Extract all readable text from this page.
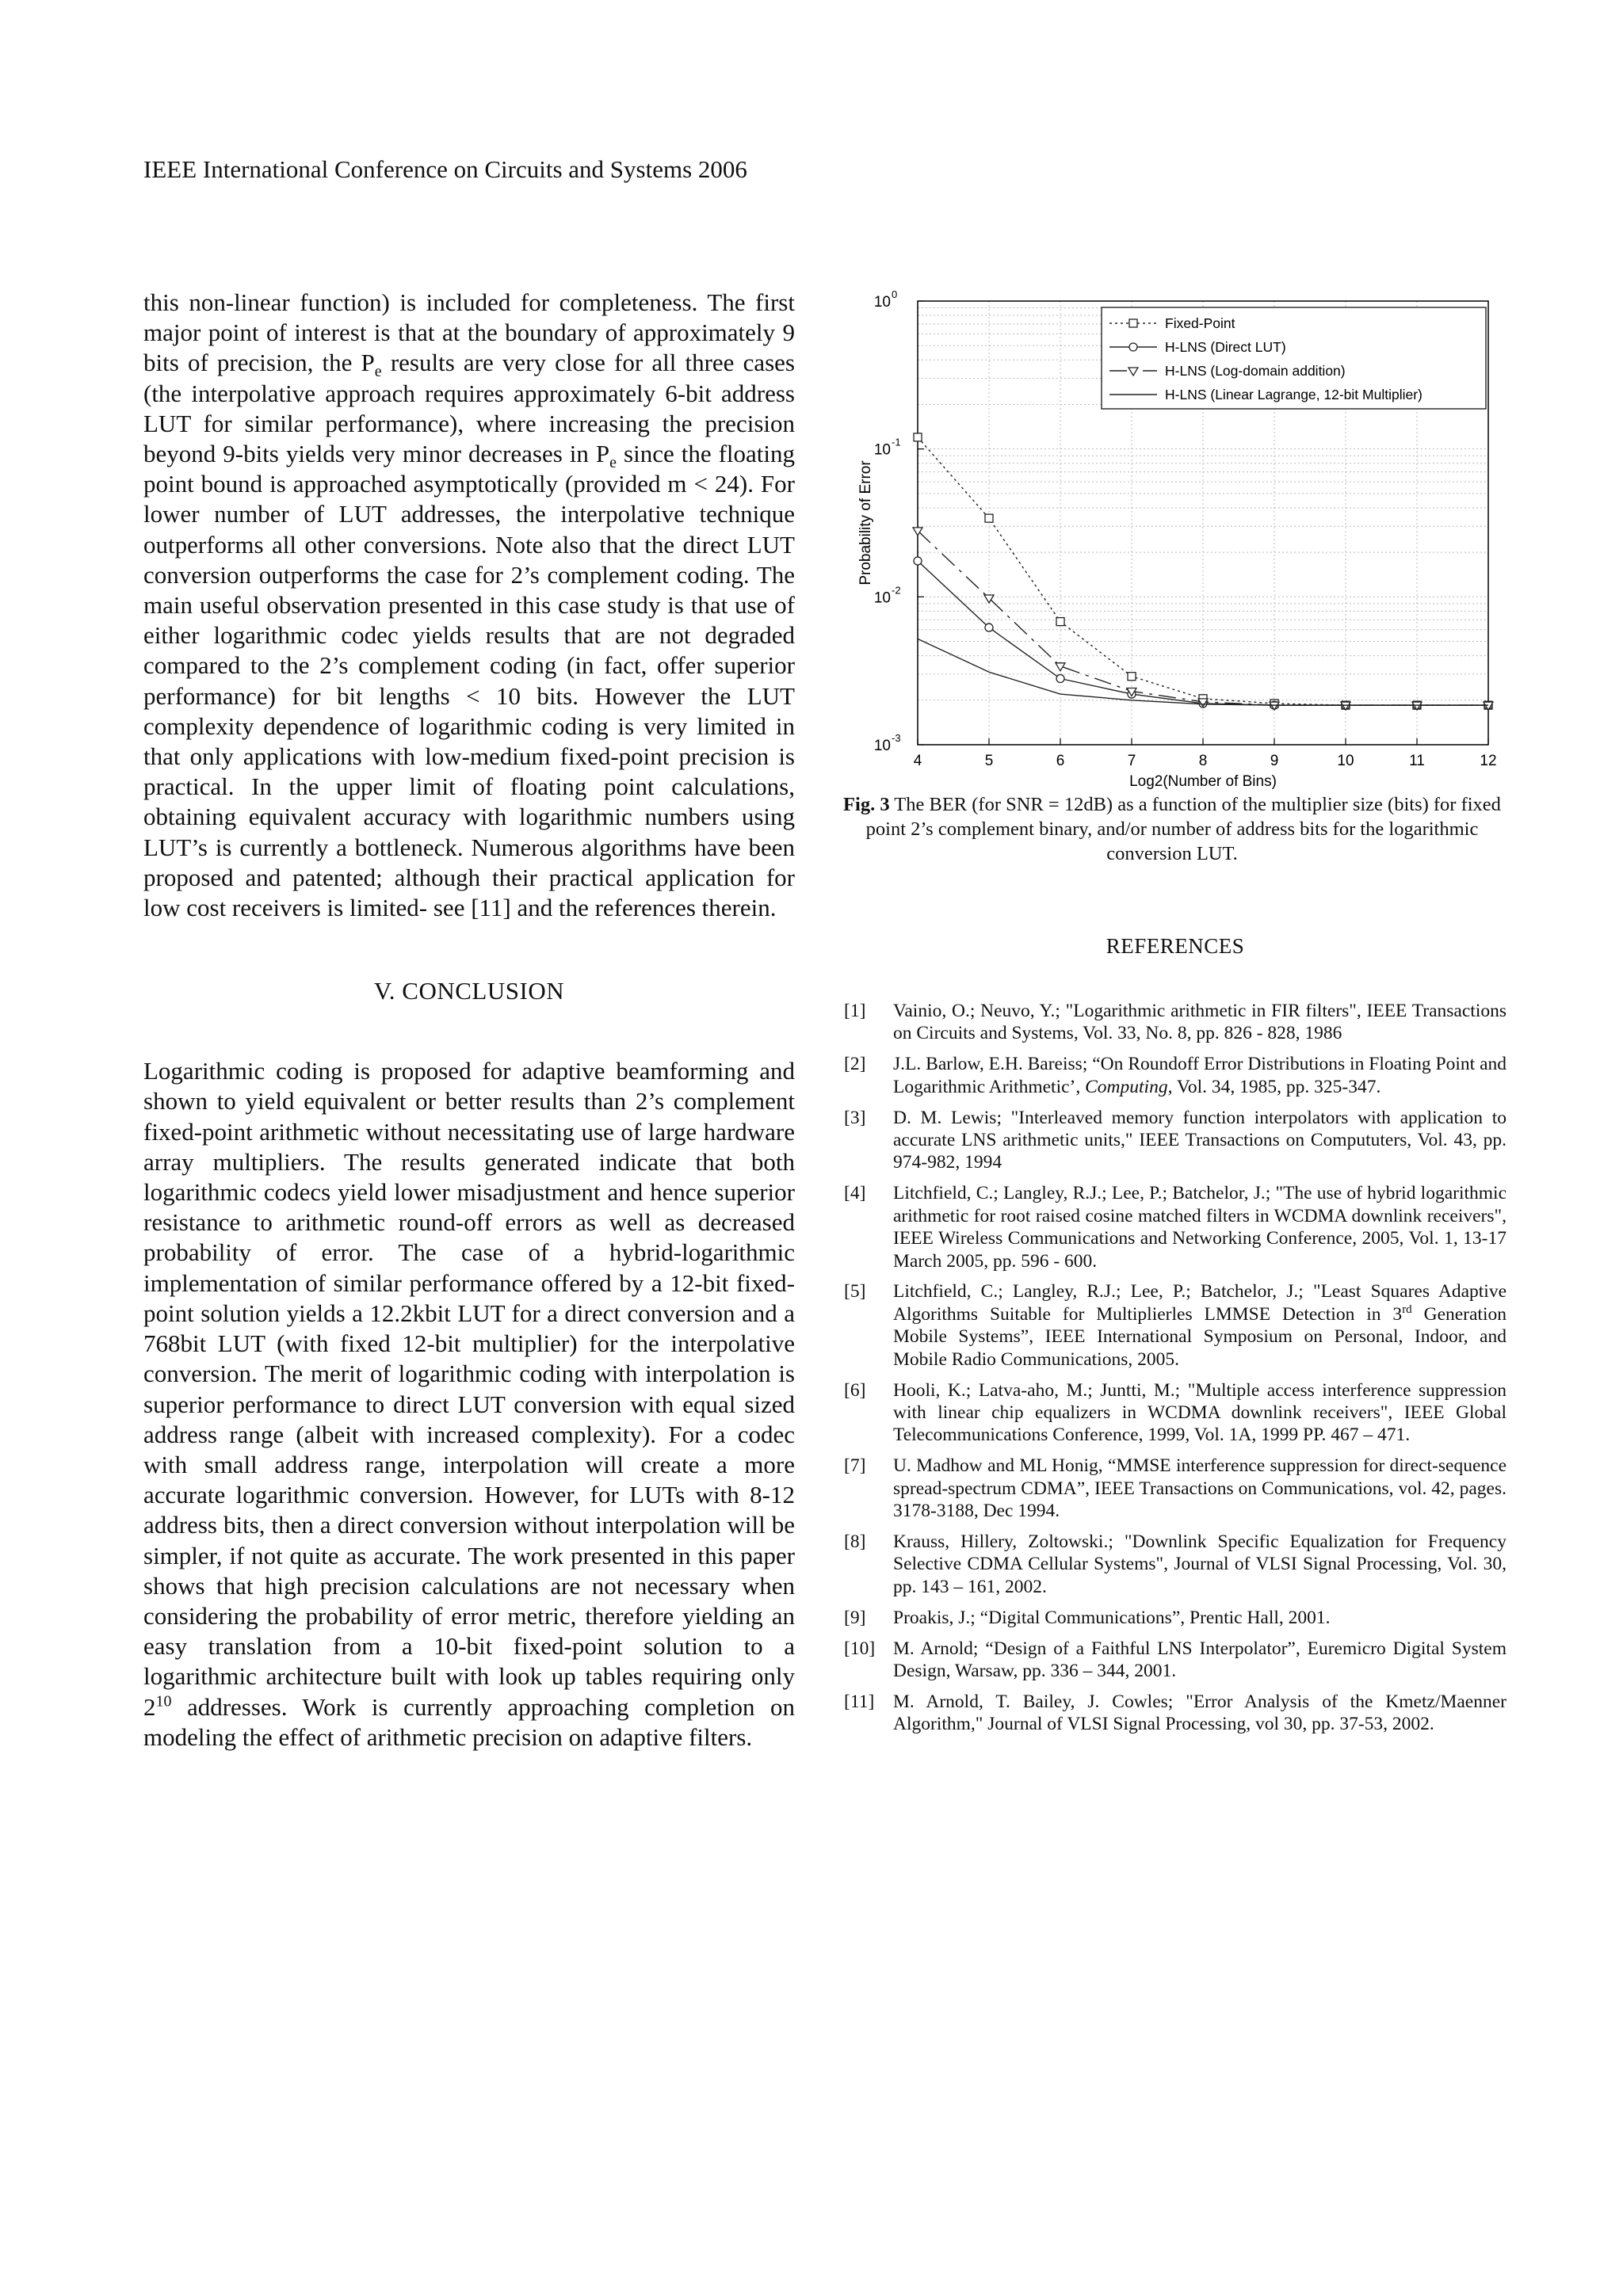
IEEE International Conference on Circuits and Systems 2006

this non-linear function) is included for completeness. The first major point of interest is that at the boundary of approximately 9 bits of precision, the $P_e$ results are very close for all three cases (the interpolative approach requires approximately 6-bit address LUT for similar performance), where increasing the precision beyond 9-bits yields very minor decreases in $P_e$ since the floating point bound is approached asymptotically (provided m < 24). For lower number of LUT addresses, the interpolative technique outperforms all other conversions. Note also that the direct LUT conversion outperforms the case for 2’s complement coding. The main useful observation presented in this case study is that use of either logarithmic codec yields results that are not degraded compared to the 2’s complement coding (in fact, offer superior performance) for bit lengths < 10 bits. However the LUT complexity dependence of logarithmic coding is very limited in that only applications with low-medium fixed-point precision is practical. In the upper limit of floating point calculations, obtaining equivalent accuracy with logarithmic numbers using LUT’s is currently a bottleneck. Numerous algorithms have been proposed and patented; although their practical application for low cost receivers is limited- see [11] and the references therein.

V. CONCLUSION

Logarithmic coding is proposed for adaptive beamforming and shown to yield equivalent or better results than 2’s complement fixed-point arithmetic without necessitating use of large hardware array multipliers. The results generated indicate that both logarithmic codecs yield lower misadjustment and hence superior resistance to arithmetic round-off errors as well as decreased probability of error. The case of a hybrid-logarithmic implementation of similar performance offered by a 12-bit fixed-point solution yields a 12.2kbit LUT for a direct conversion and a 768bit LUT (with fixed 12-bit multiplier) for the interpolative conversion. The merit of logarithmic coding with interpolation is superior performance to direct LUT conversion with equal sized address range (albeit with increased complexity). For a codec with small address range, interpolation will create a more accurate logarithmic conversion. However, for LUTs with 8-12 address bits, then a direct conversion without interpolation will be simpler, if not quite as accurate. The work presented in this paper shows that high precision calculations are not necessary when considering the probability of error metric, therefore yielding an easy translation from a 10-bit fixed-point solution to a logarithmic architecture built with look up tables requiring only $2^{10}$ addresses. Work is currently approaching completion on modeling the effect of arithmetic precision on adaptive filters.

4	5	6	7	8	9	10	11	12
10 0
10 -1
10 -2
10 -3
Log2(Number of Bins)
Probability of Error
Fixed-Point
H-LNS (Direct LUT)
H-LNS (Log-domain addition)
H-LNS (Linear Lagrange, 12-bit Multiplier)

Fig. 3 The BER (for SNR = 12dB) as a function of the multiplier size (bits) for fixed point 2’s complement binary, and/or number of address bits for the logarithmic conversion LUT.

REFERENCES
[1]	Vainio, O.; Neuvo, Y.; "Logarithmic arithmetic in FIR filters", IEEE Transactions on Circuits and Systems, Vol. 33, No. 8, pp. 826 - 828, 1986
[2]	J.L. Barlow, E.H. Bareiss; “On Roundoff Error Distributions in Floating Point and Logarithmic Arithmetic’, Computing, Vol. 34, 1985, pp. 325-347.
[3]	D. M. Lewis; "Interleaved memory function interpolators with application to accurate LNS arithmetic units," IEEE Transactions on Compututers, Vol. 43, pp. 974-982, 1994
[4]	Litchfield, C.; Langley, R.J.; Lee, P.; Batchelor, J.; "The use of hybrid logarithmic arithmetic for root raised cosine matched filters in WCDMA downlink receivers", IEEE Wireless Communications and Networking Conference, 2005, Vol. 1, 13-17 March 2005, pp. 596 - 600.
[5]	Litchfield, C.; Langley, R.J.; Lee, P.; Batchelor, J.; "Least Squares Adaptive Algorithms Suitable for Multiplierles LMMSE Detection in 3rd Generation Mobile Systems”, IEEE International Symposium on Personal, Indoor, and Mobile Radio Communications, 2005.
[6]	Hooli, K.; Latva-aho, M.; Juntti, M.; "Multiple access interference suppression with linear chip equalizers in WCDMA downlink receivers", IEEE Global Telecommunications Conference, 1999, Vol. 1A, 1999 PP. 467 – 471.
[7]	U. Madhow and ML Honig, “MMSE interference suppression for direct-sequence spread-spectrum CDMA”, IEEE Transactions on Communications, vol. 42, pages. 3178-3188, Dec 1994.
[8]	Krauss, Hillery, Zoltowski.; "Downlink Specific Equalization for Frequency Selective CDMA Cellular Systems", Journal of VLSI Signal Processing, Vol. 30, pp. 143 – 161, 2002.
[9]	Proakis, J.; “Digital Communications”, Prentic Hall, 2001.
[10] M. Arnold; “Design of a Faithful LNS Interpolator”, Euremicro Digital System Design, Warsaw, pp. 336 – 344, 2001.
[11]	M. Arnold, T. Bailey, J. Cowles; "Error Analysis of the Kmetz/Maenner Algorithm," Journal of VLSI Signal Processing, vol 30, pp. 37-53, 2002.
